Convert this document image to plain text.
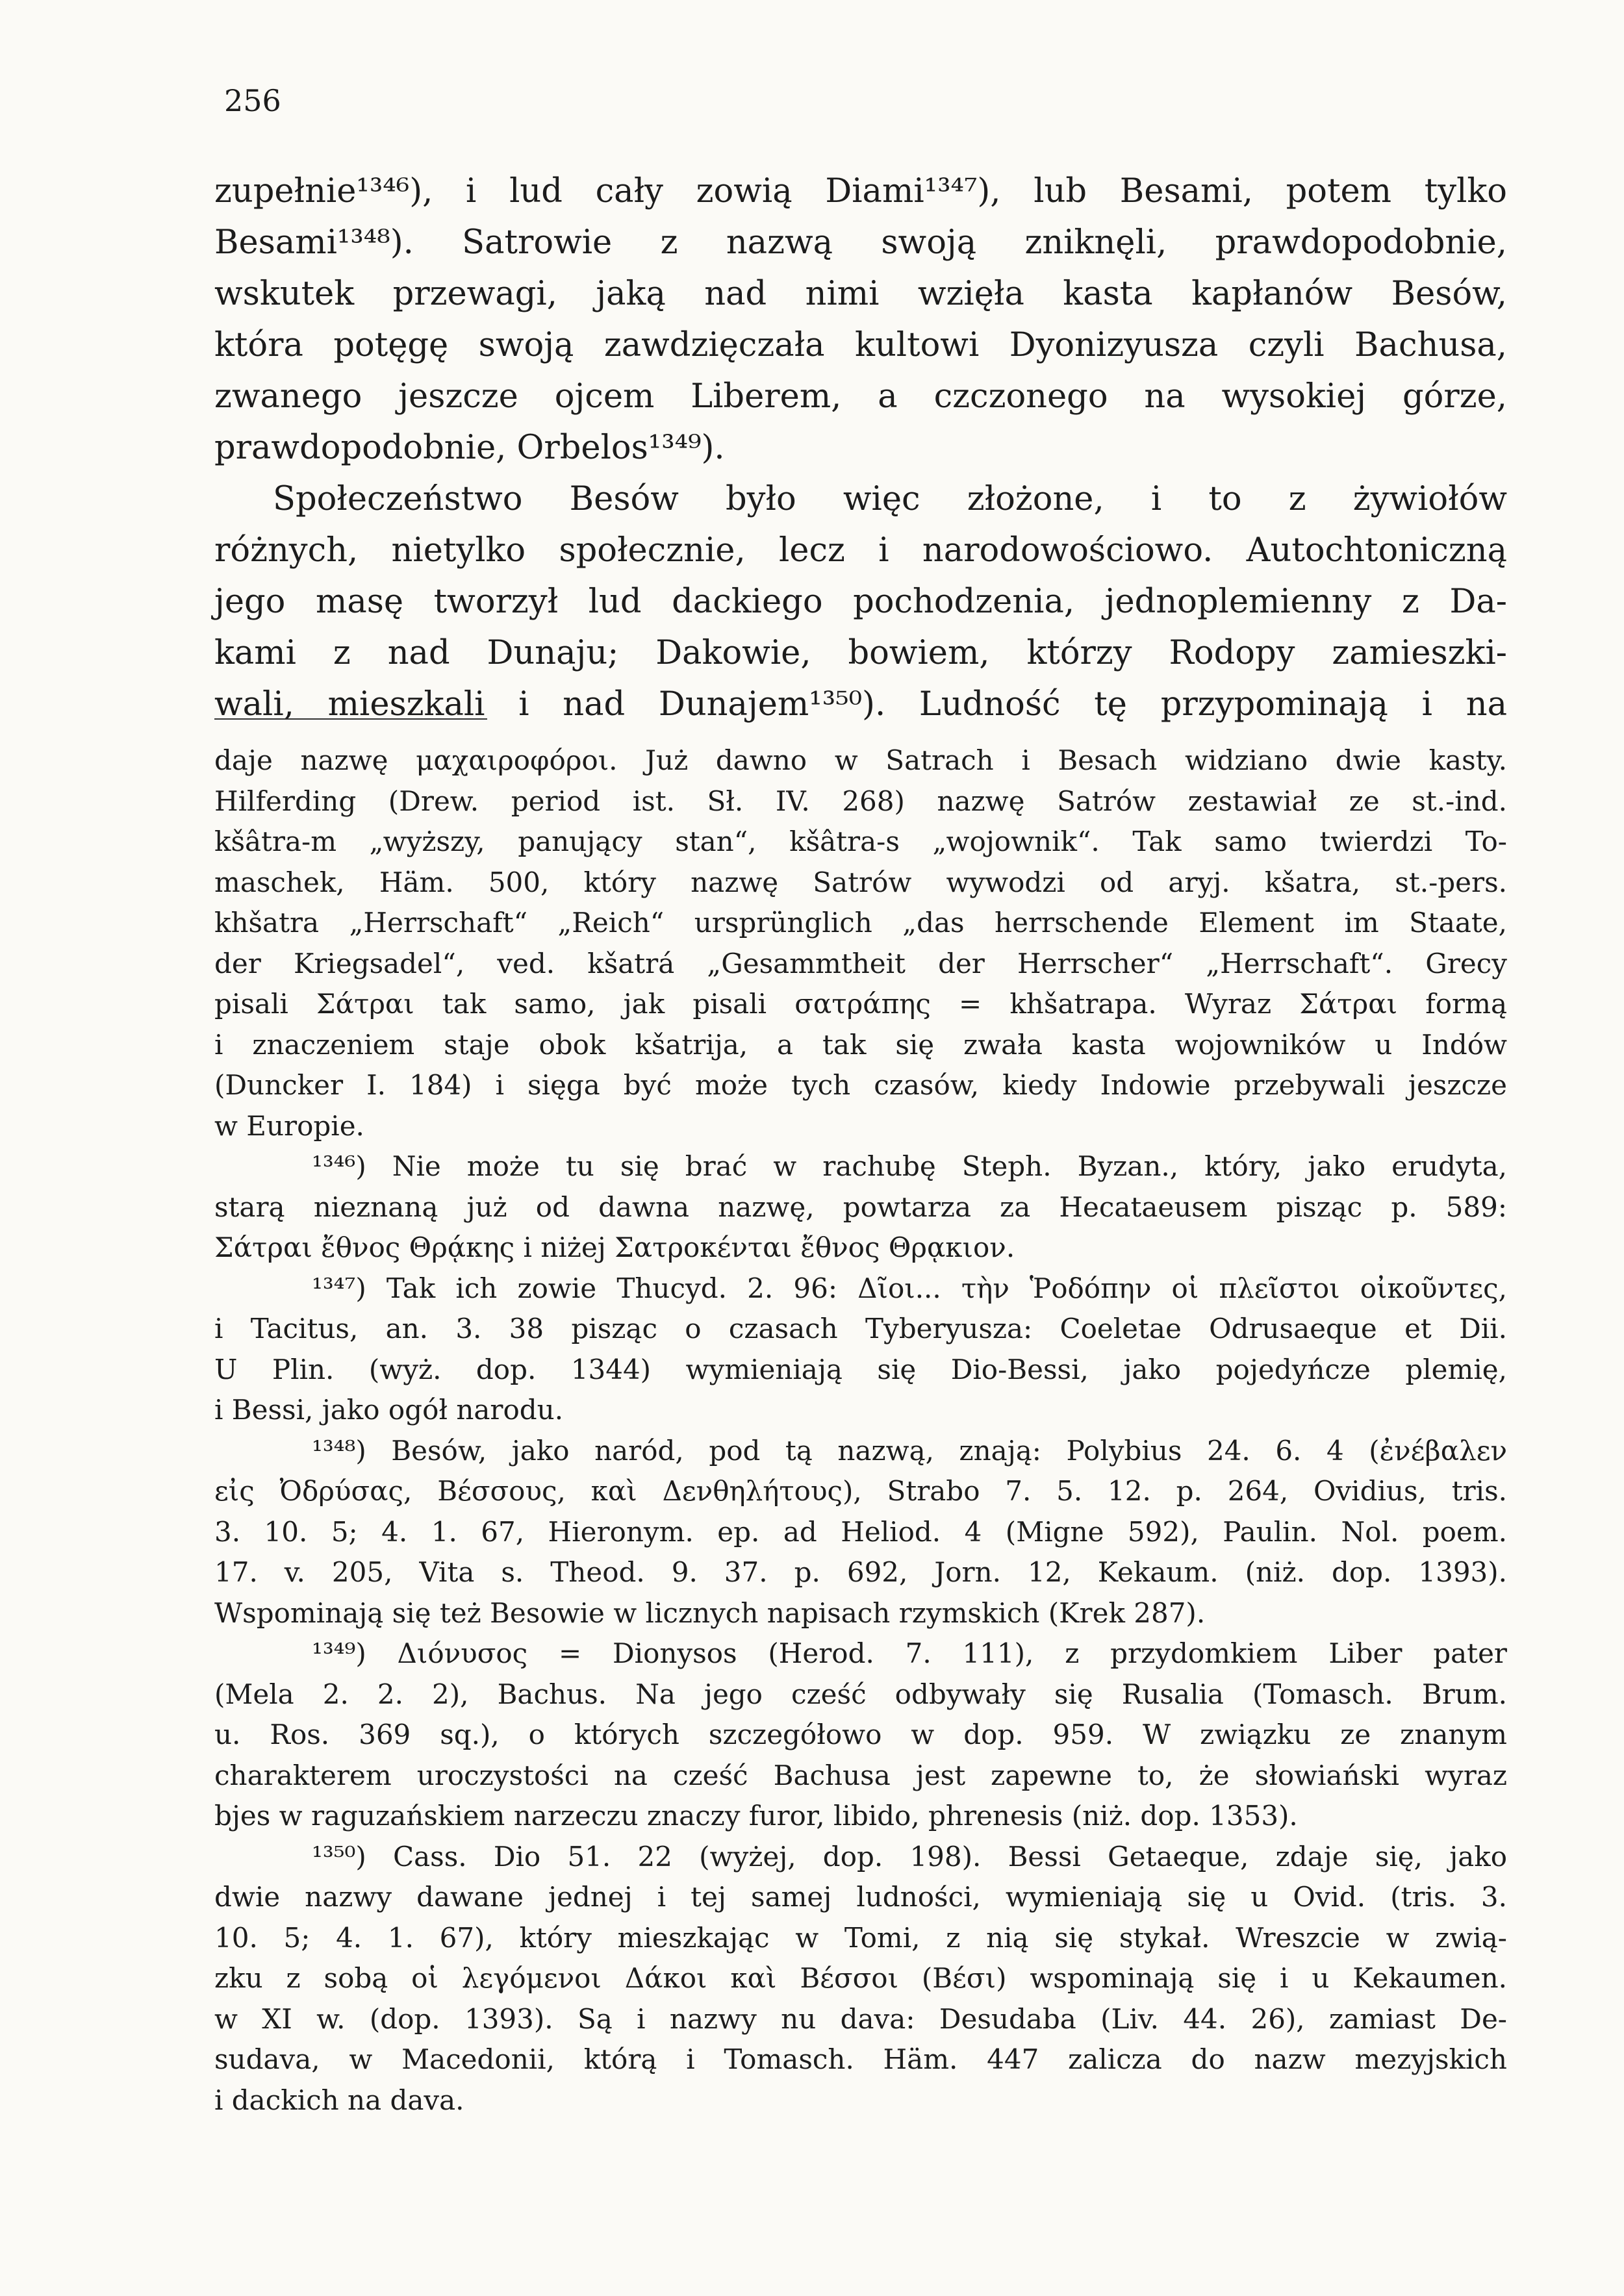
256
zupełnie¹³⁴⁶), i lud cały zowią Diami¹³⁴⁷), lub Besami, potem tylko
Besami¹³⁴⁸). Satrowie z nazwą swoją zniknęli, prawdopodobnie,
wskutek przewagi, jaką nad nimi wzięła kasta kapłanów Besów,
która potęgę swoją zawdzięczała kultowi Dyonizyusza czyli Bachusa,
zwanego jeszcze ojcem Liberem, a czczonego na wysokiej górze,
prawdopodobnie, Orbelos¹³⁴⁹).
Społeczeństwo Besów było więc złożone, i to z żywiołów
różnych, nietylko społecznie, lecz i narodowościowo. Autochtoniczną
jego masę tworzył lud dackiego pochodzenia, jednoplemienny z Da-
kami z nad Dunaju; Dakowie, bowiem, którzy Rodopy zamieszki-
wali, mieszkali i nad Dunajem¹³⁵⁰). Ludność tę przypominają i na
daje nazwę μαχαιροφόροι. Już dawno w Satrach i Besach widziano dwie kasty.
Hilferding (Drew. period ist. Sł. IV. 268) nazwę Satrów zestawiał ze st.-ind.
kšâtra-m „wyższy, panujący stan“, kšâtra-s „wojownik“. Tak samo twierdzi To-
maschek, Häm. 500, który nazwę Satrów wywodzi od aryj. kšatra, st.-pers.
khšatra „Herrschaft“ „Reich“ ursprünglich „das herrschende Element im Staate,
der Kriegsadel“, ved. kšatrá „Gesammtheit der Herrscher“ „Herrschaft“. Grecy
pisali Σάτραι tak samo, jak pisali σατράπης = khšatrapa. Wyraz Σάτραι formą
i znaczeniem staje obok kšatrija, a tak się zwała kasta wojowników u Indów
(Duncker I. 184) i sięga być może tych czasów, kiedy Indowie przebywali jeszcze
w Europie.
¹³⁴⁶) Nie może tu się brać w rachubę Steph. Byzan., który, jako erudyta,
starą nieznaną już od dawna nazwę, powtarza za Hecataeusem pisząc p. 589:
Σάτραι ἔθνος Θρᾴκης i niżej Σατροκένται ἔθνος Θρᾳκιον.
¹³⁴⁷) Tak ich zowie Thucyd. 2. 96: Δῖοι... τὴν Ῥοδόπην οἱ πλεῖστοι οἰκοῦντες,
i Tacitus, an. 3. 38 pisząc o czasach Tyberyusza: Coeletae Odrusaeque et Dii.
U Plin. (wyż. dop. 1344) wymieniają się Dio-Bessi, jako pojedyńcze plemię,
i Bessi, jako ogół narodu.
¹³⁴⁸) Besów, jako naród, pod tą nazwą, znają: Polybius 24. 6. 4 (ἐνέβαλεν
εἰς Ὀδρύσας, Βέσσους, καὶ Δενθηλήτους), Strabo 7. 5. 12. p. 264, Ovidius, tris.
3. 10. 5; 4. 1. 67, Hieronym. ep. ad Heliod. 4 (Migne 592), Paulin. Nol. poem.
17. v. 205, Vita s. Theod. 9. 37. p. 692, Jorn. 12, Kekaum. (niż. dop. 1393).
Wspominają się też Besowie w licznych napisach rzymskich (Krek 287).
¹³⁴⁹) Διόνυσος = Dionysos (Herod. 7. 111), z przydomkiem Liber pater
(Mela 2. 2. 2), Bachus. Na jego cześć odbywały się Rusalia (Tomasch. Brum.
u. Ros. 369 sq.), o których szczegółowo w dop. 959. W związku ze znanym
charakterem uroczystości na cześć Bachusa jest zapewne to, że słowiański wyraz
bjes w raguzańskiem narzeczu znaczy furor, libido, phrenesis (niż. dop. 1353).
¹³⁵⁰) Cass. Dio 51. 22 (wyżej, dop. 198). Bessi Getaeque, zdaje się, jako
dwie nazwy dawane jednej i tej samej ludności, wymieniają się u Ovid. (tris. 3.
10. 5; 4. 1. 67), który mieszkając w Tomi, z nią się stykał. Wreszcie w zwią-
zku z sobą οἱ λεγόμενοι Δάκοι καὶ Βέσσοι (Βέσι) wspominają się i u Kekaumen.
w XI w. (dop. 1393). Są i nazwy nu dava: Desudaba (Liv. 44. 26), zamiast De-
sudava, w Macedonii, którą i Tomasch. Häm. 447 zalicza do nazw mezyjskich
i dackich na dava.
